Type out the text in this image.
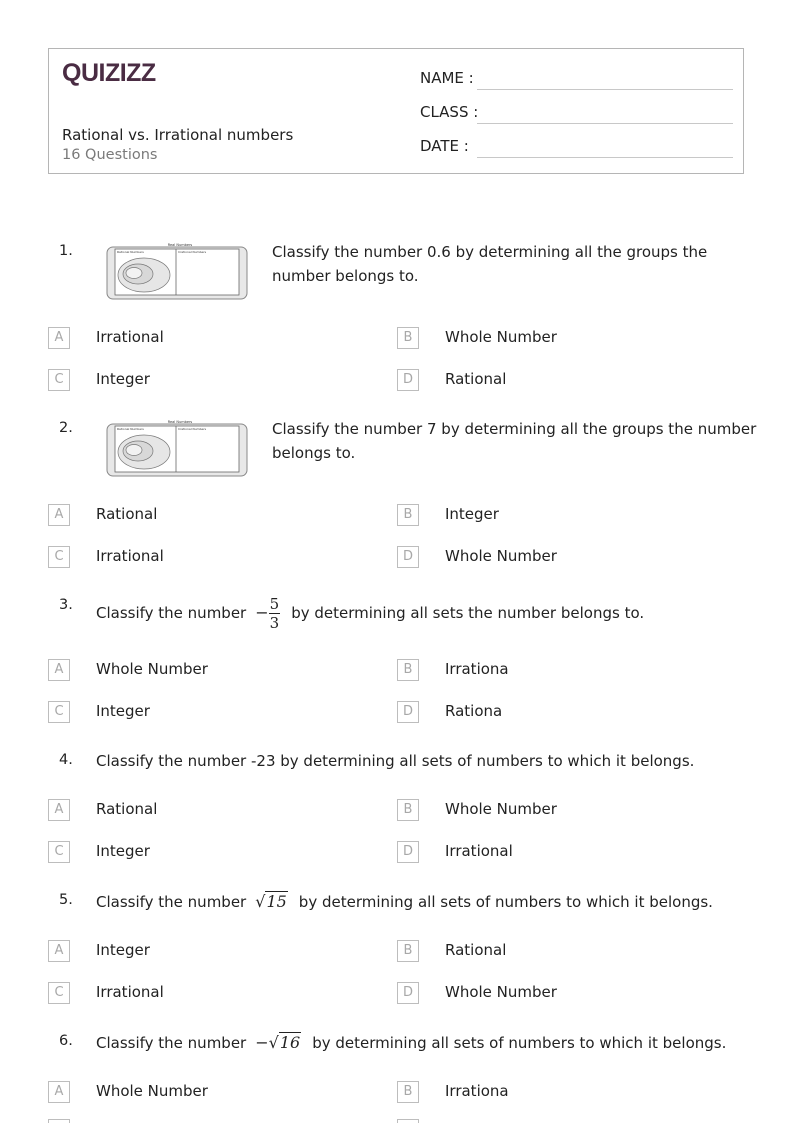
QUIZIZZ
Rational vs. Irrational numbers
16 Questions
NAME :
CLASS :
DATE :
1.	Real Numbers
Rational Numbers	Irrational Numbers	Classify the number 0.6 by determining all the groups the
number belongs to.
A	Irrational	B	Whole Number
C	Integer	D	Rational
2.	Real Numbers
Rational Numbers	Irrational Numbers	Classify the number 7 by determining all the groups the number
belongs to.
A	Rational	B	Integer
C	Irrational	D	Whole Number
3. Classify the number − $\frac{5}{3}$ by determining all sets the number belongs to.
A	Whole Number	B	Irrationa
C	Integer	D	Rationa
4. Classify the number -23 by determining all sets of numbers to which it belongs.
A	Rational	B	Whole Number
C	Integer	D	Irrational
5. Classify the number √15 by determining all sets of numbers to which it belongs.
A	Integer	B	Rational
C	Irrational	D	Whole Number
6. Classify the number − √16 by determining all sets of numbers to which it belongs.
A	Whole Number	B	Irrationa
